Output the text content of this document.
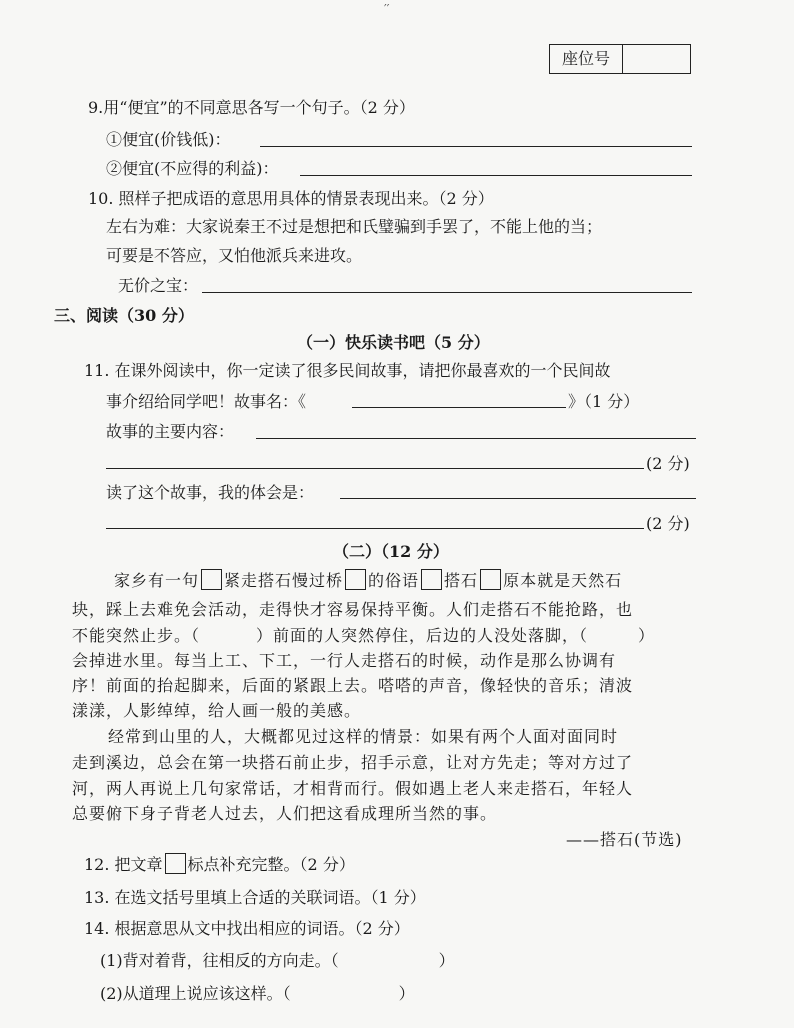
′′
座位号
9.用“便宜”的不同意思各写一个句子。（2 分）
①便宜(价钱低)：
②便宜(不应得的利益)：
10. 照样子把成语的意思用具体的情景表现出来。（2 分）
左右为难：大家说秦王不过是想把和氏璧骗到手罢了，不能上他的当；
可要是不答应，又怕他派兵来进攻。
无价之宝：
三、阅读（30 分）
（一）快乐读书吧（5 分）
11. 在课外阅读中，你一定读了很多民间故事，请把你最喜欢的一个民间故
事介绍给同学吧！故事名：《	》（1 分）
故事的主要内容：
(2 分)
读了这个故事，我的体会是：
(2 分)
（二）（12 分）
家乡有一句 紧走搭石慢过桥 的俗语 搭石 原本就是天然石
块，踩上去难免会活动，走得快才容易保持平衡。人们走搭石不能抢路，也
不能突然止步。（	）前面的人突然停住，后边的人没处落脚，（	）
会掉进水里。每当上工、下工，一行人走搭石的时候，动作是那么协调有
序！前面的抬起脚来，后面的紧跟上去。嗒嗒的声音，像轻快的音乐；清波
漾漾，人影绰绰，给人画一般的美感。
经常到山里的人，大概都见过这样的情景：如果有两个人面对面同时
走到溪边，总会在第一块搭石前止步，招手示意，让对方先走；等对方过了
河，两人再说上几句家常话，才相背而行。假如遇上老人来走搭石，年轻人
总要俯下身子背老人过去，人们把这看成理所当然的事。
——搭石(节选)
12. 把文章 标点补充完整。（2 分）
13. 在选文括号里填上合适的关联词语。（1 分）
14. 根据意思从文中找出相应的词语。（2 分）
(1)背对着背，往相反的方向走。（	）
(2)从道理上说应该这样。（	）
